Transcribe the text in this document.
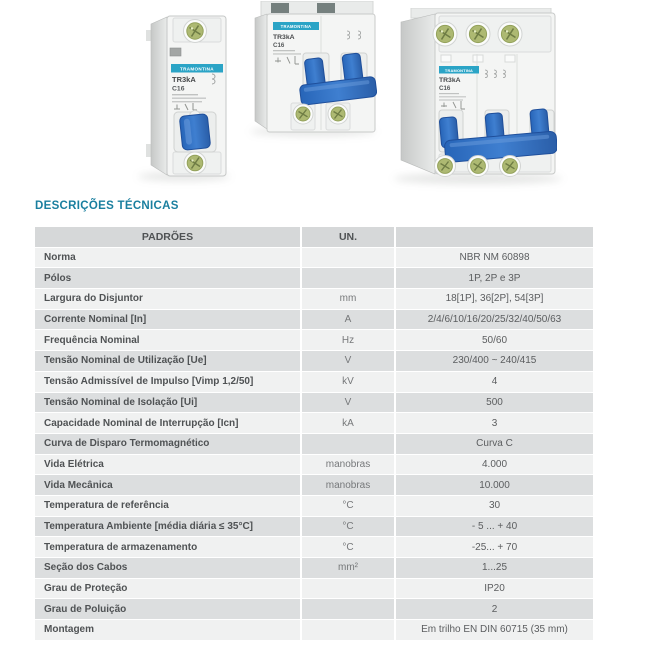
TRAMONTINA
TR3kA
C16
TRAMONTINA
TR3kA
C16
TRAMONTINA
TR3kA
C16
DESCRIÇÕES TÉCNICAS
PADRÕES	UN.	
Norma		NBR NM 60898
Pólos		1P, 2P e 3P
Largura do Disjuntor	mm	18[1P], 36[2P], 54[3P]
Corrente Nominal [In]	A	2/4/6/10/16/20/25/32/40/50/63
Frequência Nominal	Hz	50/60
Tensão Nominal de Utilização [Ue]	V	230/400 ~ 240/415
Tensão Admissível de Impulso [Vimp 1,2/50]	kV	4
Tensão Nominal de Isolação [Ui]	V	500
Capacidade Nominal de Interrupção [Icn]	kA	3
Curva de Disparo Termomagnético		Curva C
Vida Elétrica	manobras	4.000
Vida Mecânica	manobras	10.000
Temperatura de referência	°C	30
Temperatura Ambiente [média diária ≤ 35°C]	°C	- 5 ... + 40
Temperatura de armazenamento	°C	-25... + 70
Seção dos Cabos	mm²	1...25
Grau de Proteção		IP20
Grau de Poluição		2
Montagem		Em trilho EN DIN 60715 (35 mm)
